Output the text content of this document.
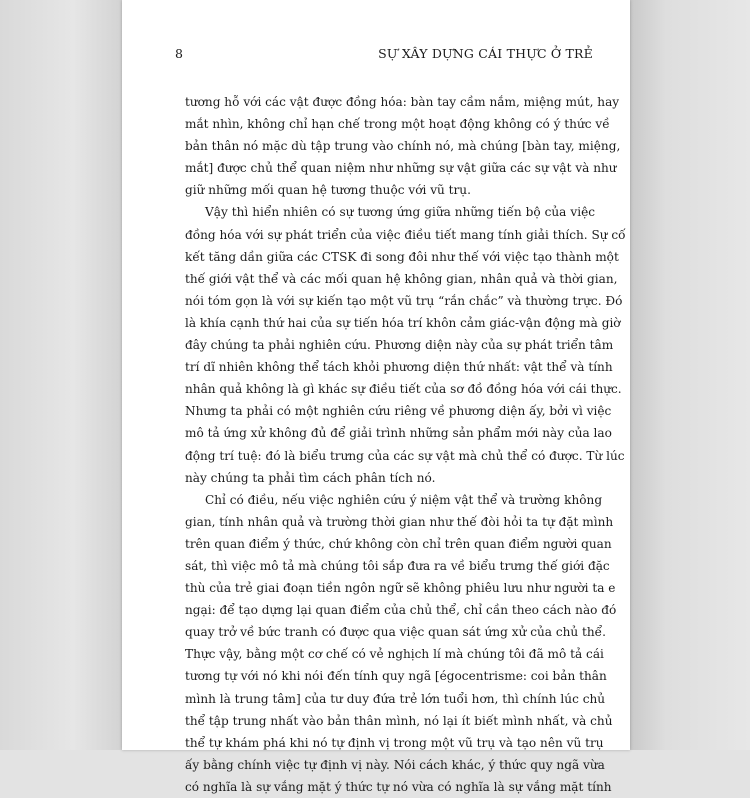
8	SỰ XÂY DỰNG CÁI THỰC Ở TRẺ
tương hỗ với các vật được đồng hóa: bàn tay cầm nắm, miệng mút, hay
mắt nhìn, không chỉ hạn chế trong một hoạt động không có ý thức về
bản thân nó mặc dù tập trung vào chính nó, mà chúng [bàn tay, miệng,
mắt] được chủ thể quan niệm như những sự vật giữa các sự vật và như
giữ những mối quan hệ tương thuộc với vũ trụ.
Vậy thì hiển nhiên có sự tương ứng giữa những tiến bộ của việc
đồng hóa với sự phát triển của việc điều tiết mang tính giải thích. Sự cố
kết tăng dần giữa các CTSK đi song đôi như thế với việc tạo thành một
thế giới vật thể và các mối quan hệ không gian, nhân quả và thời gian,
nói tóm gọn là với sự kiến tạo một vũ trụ “rắn chắc” và thường trực. Đó
là khía cạnh thứ hai của sự tiến hóa trí khôn cảm giác-vận động mà giờ
đây chúng ta phải nghiên cứu. Phương diện này của sự phát triển tâm
trí dĩ nhiên không thể tách khỏi phương diện thứ nhất: vật thể và tính
nhân quả không là gì khác sự điều tiết của sơ đồ đồng hóa với cái thực.
Nhưng ta phải có một nghiên cứu riêng về phương diện ấy, bởi vì việc
mô tả ứng xử không đủ để giải trình những sản phẩm mới này của lao
động trí tuệ: đó là biểu trưng của các sự vật mà chủ thể có được. Từ lúc
này chúng ta phải tìm cách phân tích nó.
Chỉ có điều, nếu việc nghiên cứu ý niệm vật thể và trường không
gian, tính nhân quả và trường thời gian như thế đòi hỏi ta tự đặt mình
trên quan điểm ý thức, chứ không còn chỉ trên quan điểm người quan
sát, thì việc mô tả mà chúng tôi sắp đưa ra về biểu trưng thế giới đặc
thù của trẻ giai đoạn tiền ngôn ngữ sẽ không phiêu lưu như người ta e
ngại: để tạo dựng lại quan điểm của chủ thể, chỉ cần theo cách nào đó
quay trở về bức tranh có được qua việc quan sát ứng xử của chủ thể.
Thực vậy, bằng một cơ chế có vẻ nghịch lí mà chúng tôi đã mô tả cái
tương tự với nó khi nói đến tính quy ngã [égocentrisme: coi bản thân
mình là trung tâm] của tư duy đứa trẻ lớn tuổi hơn, thì chính lúc chủ
thể tập trung nhất vào bản thân mình, nó lại ít biết mình nhất, và chủ
thể tự khám phá khi nó tự định vị trong một vũ trụ và tạo nên vũ trụ
ấy bằng chính việc tự định vị này. Nói cách khác, ý thức quy ngã vừa
có nghĩa là sự vắng mặt ý thức tự nó vừa có nghĩa là sự vắng mặt tính
